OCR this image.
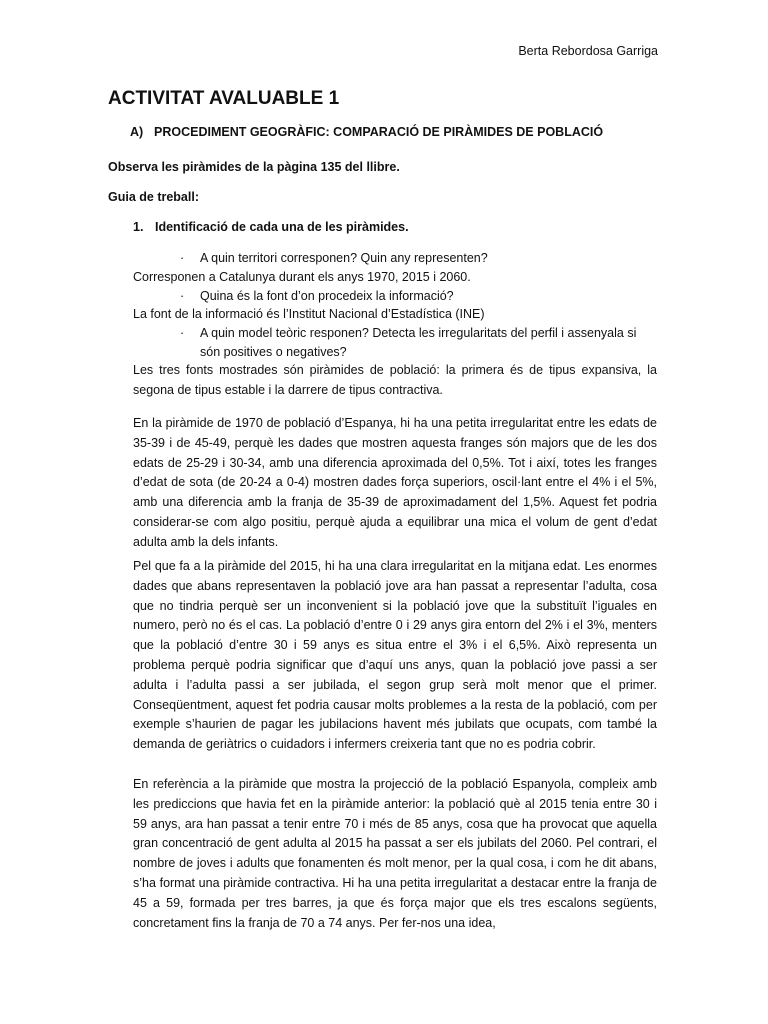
Berta Rebordosa Garriga
ACTIVITAT AVALUABLE 1
A) PROCEDIMENT GEOGRÀFIC: COMPARACIÓ DE PIRÀMIDES DE POBLACIÓ
Observa les piràmides de la pàgina 135 del llibre.
Guia de treball:
1. Identificació de cada una de les piràmides.
· A quin territori corresponen? Quin any representen?
Corresponen a Catalunya durant els anys 1970, 2015 i 2060.
· Quina és la font d’on procedeix la informació?
La font de la informació és l’Institut Nacional d’Estadística (INE)
·	A quin model teòric responen? Detecta les irregularitats del perfil i assenyala si són positives o negatives?

Les tres fonts mostrades són piràmides de població: la primera és de tipus expansiva, la segona de tipus estable i la darrere de tipus contractiva.

En la piràmide de 1970 de població d’Espanya, hi ha una petita irregularitat entre les edats de 35-39 i de 45-49, perquè les dades que mostren aquesta franges són majors que de les dos edats de 25-29 i 30-34, amb una diferencia aproximada del 0,5%. Tot i així, totes les franges d’edat de sota (de 20-24 a 0-4) mostren dades força superiors, oscil·lant entre el 4% i el 5%, amb una diferencia amb la franja de 35-39 de aproximadament del 1,5%. Aquest fet podria considerar-se com algo positiu, perquè ajuda a equilibrar una mica el volum de gent d’edat adulta amb la dels infants.

Pel que fa a la piràmide del 2015, hi ha una clara irregularitat en la mitjana edat. Les enormes dades que abans representaven la població jove ara han passat a representar l’adulta, cosa que no tindria perquè ser un inconvenient si la població jove que la substituït l’iguales en numero, però no és el cas. La població d’entre 0 i 29 anys gira entorn del 2% i el 3%, menters que la població d’entre 30 i 59 anys es situa entre el 3% i el 6,5%. Això representa un problema perquè podria significar que d’aquí uns anys, quan la població jove passi a ser adulta i l’adulta passi a ser jubilada, el segon grup serà molt menor que el primer. Conseqüentment, aquest fet podria causar molts problemes a la resta de la població, com per exemple s’haurien de pagar les jubilacions havent més jubilats que ocupats, com també la demanda de geriàtrics o cuidadors i infermers creixeria tant que no es podria cobrir.

En referència a la piràmide que mostra la projecció de la població Espanyola, compleix amb les prediccions que havia fet en la piràmide anterior: la població què al 2015 tenia entre 30 i 59 anys, ara han passat a tenir entre 70 i més de 85 anys, cosa que ha provocat que aquella gran concentració de gent adulta al 2015 ha passat a ser els jubilats del 2060. Pel contrari, el nombre de joves i adults que fonamenten és molt menor, per la qual cosa, i com he dit abans, s’ha format una piràmide contractiva. Hi ha una petita irregularitat a destacar entre la franja de 45 a 59, formada per tres barres, ja que és força major que els tres escalons següents, concretament fins la franja de 70 a 74 anys. Per fer-nos una idea,
